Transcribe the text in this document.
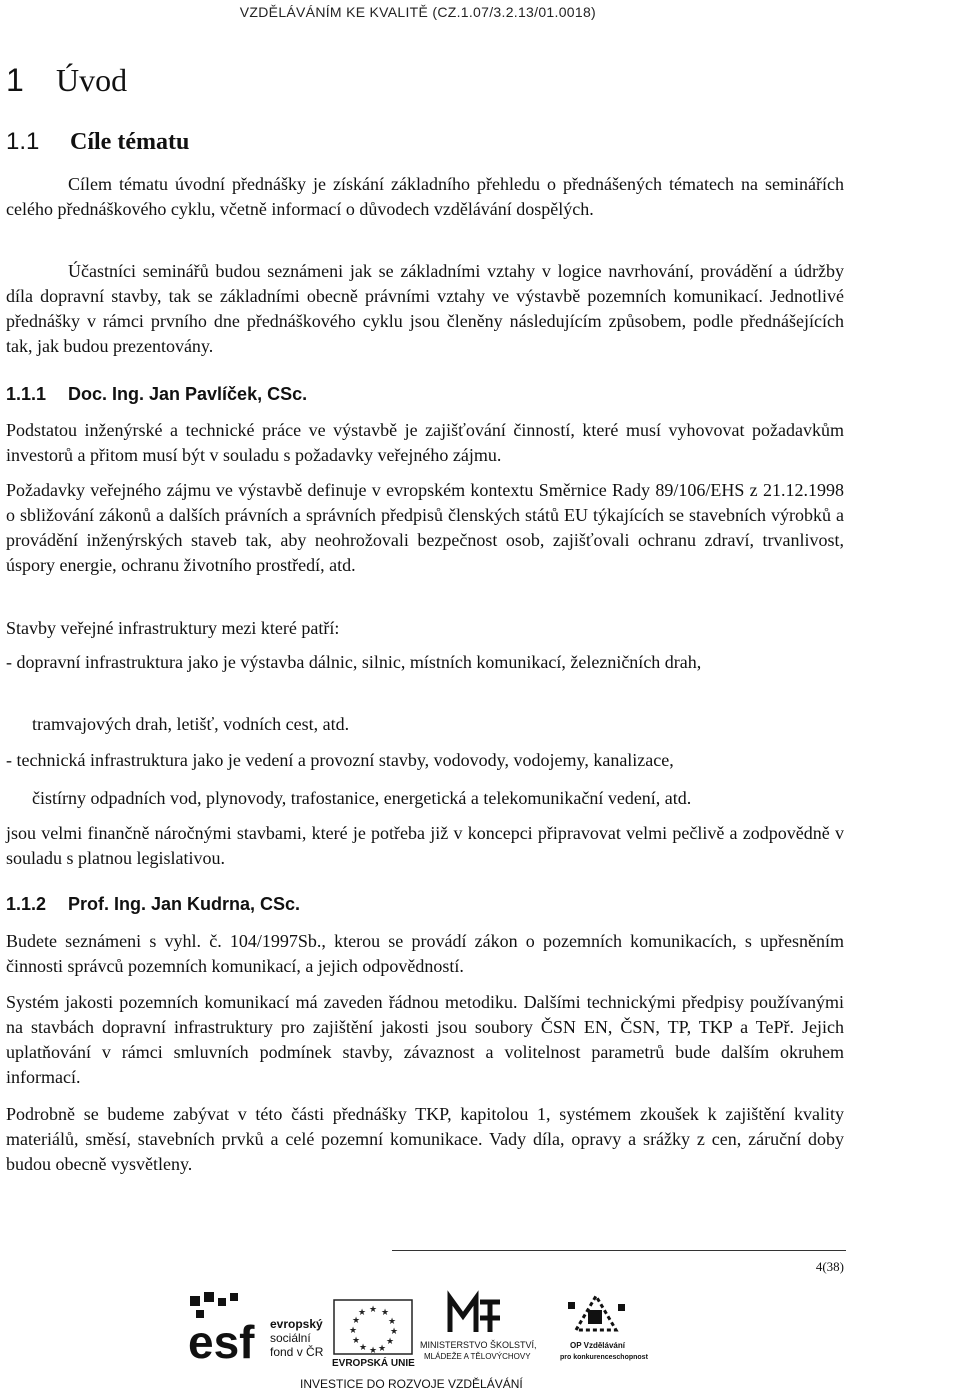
VZDĚLÁVÁNÍM KE KVALITĚ (CZ.1.07/3.2.13/01.0018)
1 Úvod
1.1 Cíle tématu

Cílem tématu úvodní přednášky je získání základního přehledu o přednášených tématech na seminářích celého přednáškového cyklu, včetně informací o důvodech vzdělávání dospělých.

Účastníci seminářů budou seznámeni jak se základními vztahy v logice navrhování, provádění a údržby díla dopravní stavby, tak se základními obecně právními vztahy ve výstavbě pozemních komunikací. Jednotlivé přednášky v rámci prvního dne přednáškového cyklu jsou členěny následujícím způsobem, podle přednášejících tak, jak budou prezentovány.

1.1.1 Doc. Ing. Jan Pavlíček, CSc.

Podstatou inženýrské a technické práce ve výstavbě je zajišťování činností, které musí vyhovovat požadavkům investorů a přitom musí být v souladu s požadavky veřejného zájmu.

Požadavky veřejného zájmu ve výstavbě definuje v evropském kontextu Směrnice Rady 89/106/EHS z 21.12.1998 o sbližování zákonů a dalších právních a správních předpisů členských států EU týkajících se stavebních výrobků a provádění inženýrských staveb tak, aby neohrožovali bezpečnost osob, zajišťovali ochranu zdraví, trvanlivost, úspory energie, ochranu životního prostředí, atd.

Stavby veřejné infrastruktury mezi které patří:

- dopravní infrastruktura jako je výstavba dálnic, silnic, místních komunikací, železničních drah,

tramvajových drah, letišť, vodních cest, atd.

- technická infrastruktura jako je vedení a provozní stavby, vodovody, vodojemy, kanalizace,

čistírny odpadních vod, plynovody, trafostanice, energetická a telekomunikační vedení, atd.

jsou velmi finančně náročnými stavbami, které je potřeba již v koncepci připravovat velmi pečlivě a zodpovědně v souladu s platnou legislativou.

1.1.2 Prof. Ing. Jan Kudrna, CSc.

Budete seznámeni s vyhl. č. 104/1997Sb., kterou se provádí zákon o pozemních komunikacích, s upřesněním činnosti správců pozemních komunikací, a jejich odpovědností.

Systém jakosti pozemních komunikací má zaveden řádnou metodiku. Dalšími technickými předpisy používanými na stavbách dopravní infrastruktury pro zajištění jakosti jsou soubory ČSN EN, ČSN, TP, TKP a TePř. Jejich uplatňování v rámci smluvních podmínek stavby, závaznost a volitelnost parametrů bude dalším okruhem informací.

Podrobně se budeme zabývat v této části přednášky TKP, kapitolou 1, systémem zkoušek k zajištění kvality materiálů, směsí, stavebních prvků a celé pozemní komunikace. Vady díla, opravy a srážky z cen, záruční doby budou obecně vysvětleny.

4(38)
esf evropský
sociální
fond v ČR
★ ★
★
★
★
★
★
★
★
★
★
★
EVROPSKÁ UNIE
MINISTERSTVO ŠKOLSTVÍ,
MLÁDEŽE A TĚLOVÝCHOVY
OP Vzdělávání
pro konkurenceschopnost
INVESTICE DO ROZVOJE VZDĚLÁVÁNÍ
